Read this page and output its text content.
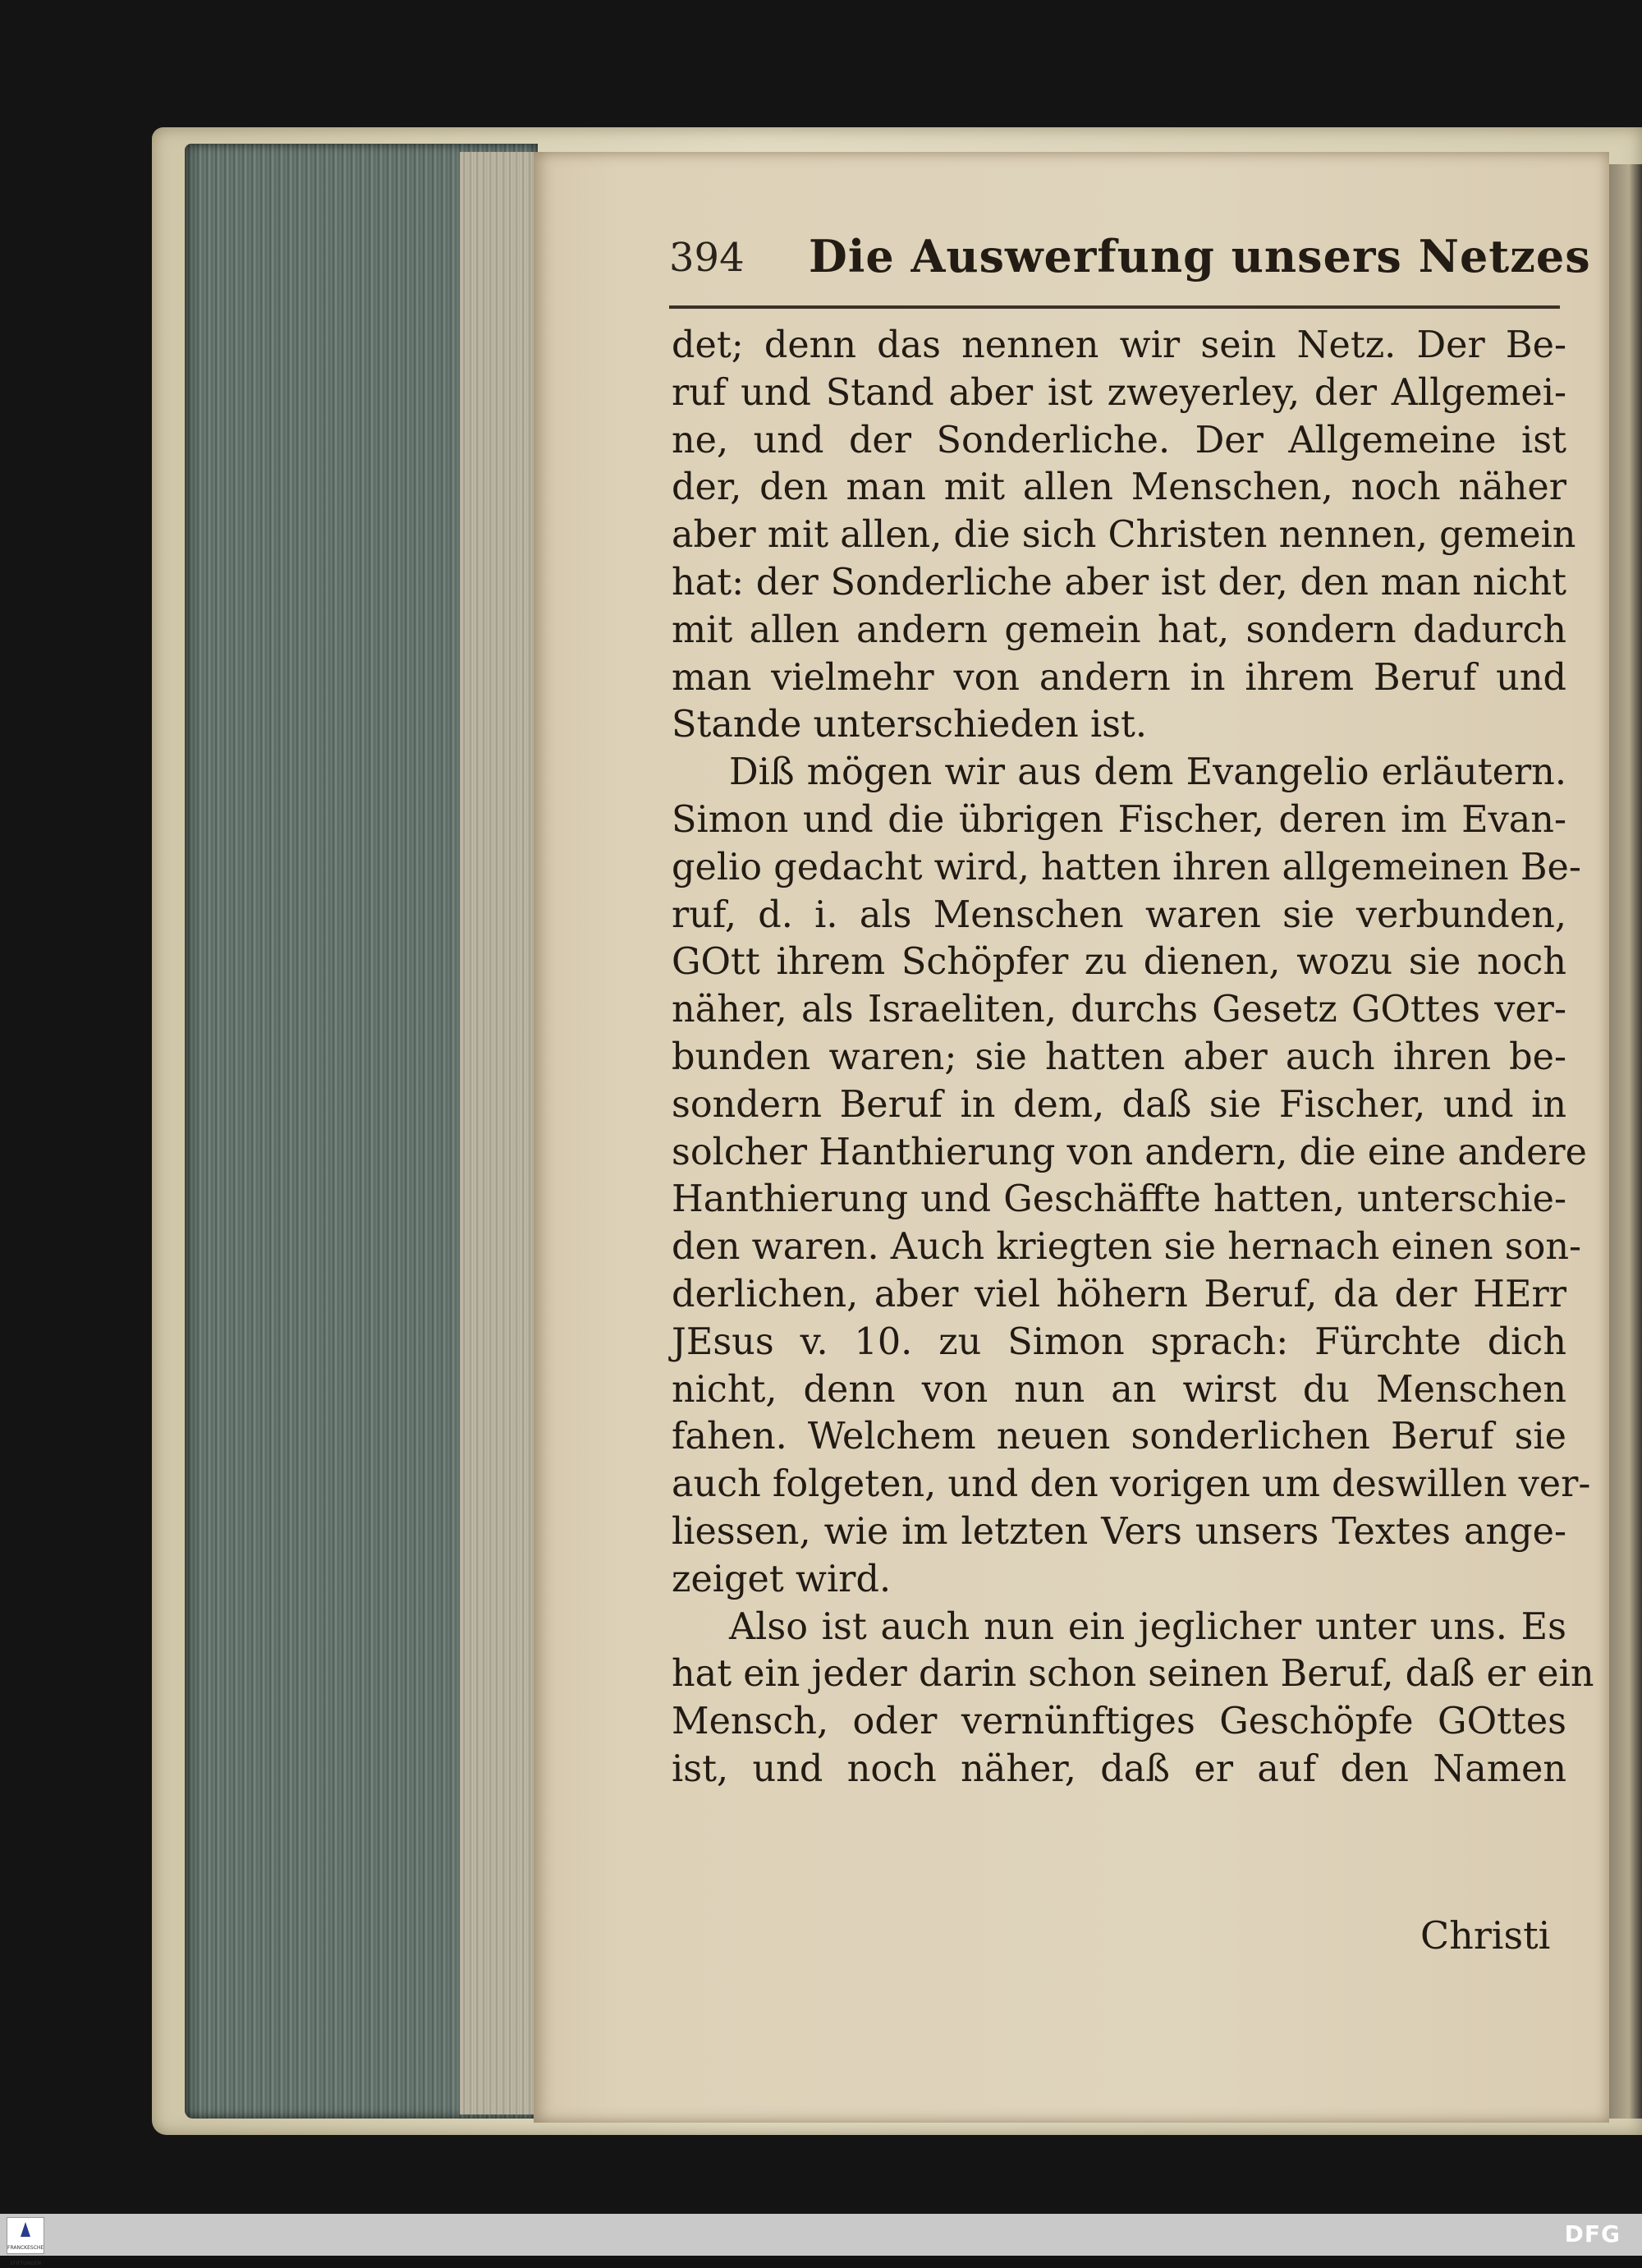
394 Die Auswerfung unsers Netzes
det; denn das nennen wir sein Netz. Der Be-
ruf und Stand aber ist zweyerley, der Allgemei-
ne, und der Sonderliche. Der Allgemeine ist
der, den man mit allen Menschen, noch näher
aber mit allen, die sich Christen nennen, gemein
hat: der Sonderliche aber ist der, den man nicht
mit allen andern gemein hat, sondern dadurch
man vielmehr von andern in ihrem Beruf und
Stande unterschieden ist.
Diß mögen wir aus dem Evangelio erläutern.
Simon und die übrigen Fischer, deren im Evan-
gelio gedacht wird, hatten ihren allgemeinen Be-
ruf, d. i. als Menschen waren sie verbunden,
GOtt ihrem Schöpfer zu dienen, wozu sie noch
näher, als Israeliten, durchs Gesetz GOttes ver-
bunden waren; sie hatten aber auch ihren be-
sondern Beruf in dem, daß sie Fischer, und in
solcher Hanthierung von andern, die eine andere
Hanthierung und Geschäffte hatten, unterschie-
den waren. Auch kriegten sie hernach einen son-
derlichen, aber viel höhern Beruf, da der HErr
JEsus v. 10. zu Simon sprach: Fürchte dich
nicht, denn von nun an wirst du Menschen
fahen. Welchem neuen sonderlichen Beruf sie
auch folgeten, und den vorigen um deswillen ver-
liessen, wie im letzten Vers unsers Textes ange-
zeiget wird.
Also ist auch nun ein jeglicher unter uns. Es
hat ein jeder darin schon seinen Beruf, daß er ein
Mensch, oder vernünftiges Geschöpfe GOttes
ist, und noch näher, daß er auf den Namen
Christi
FRANCKESCHE STIFTUNGEN
DFG
